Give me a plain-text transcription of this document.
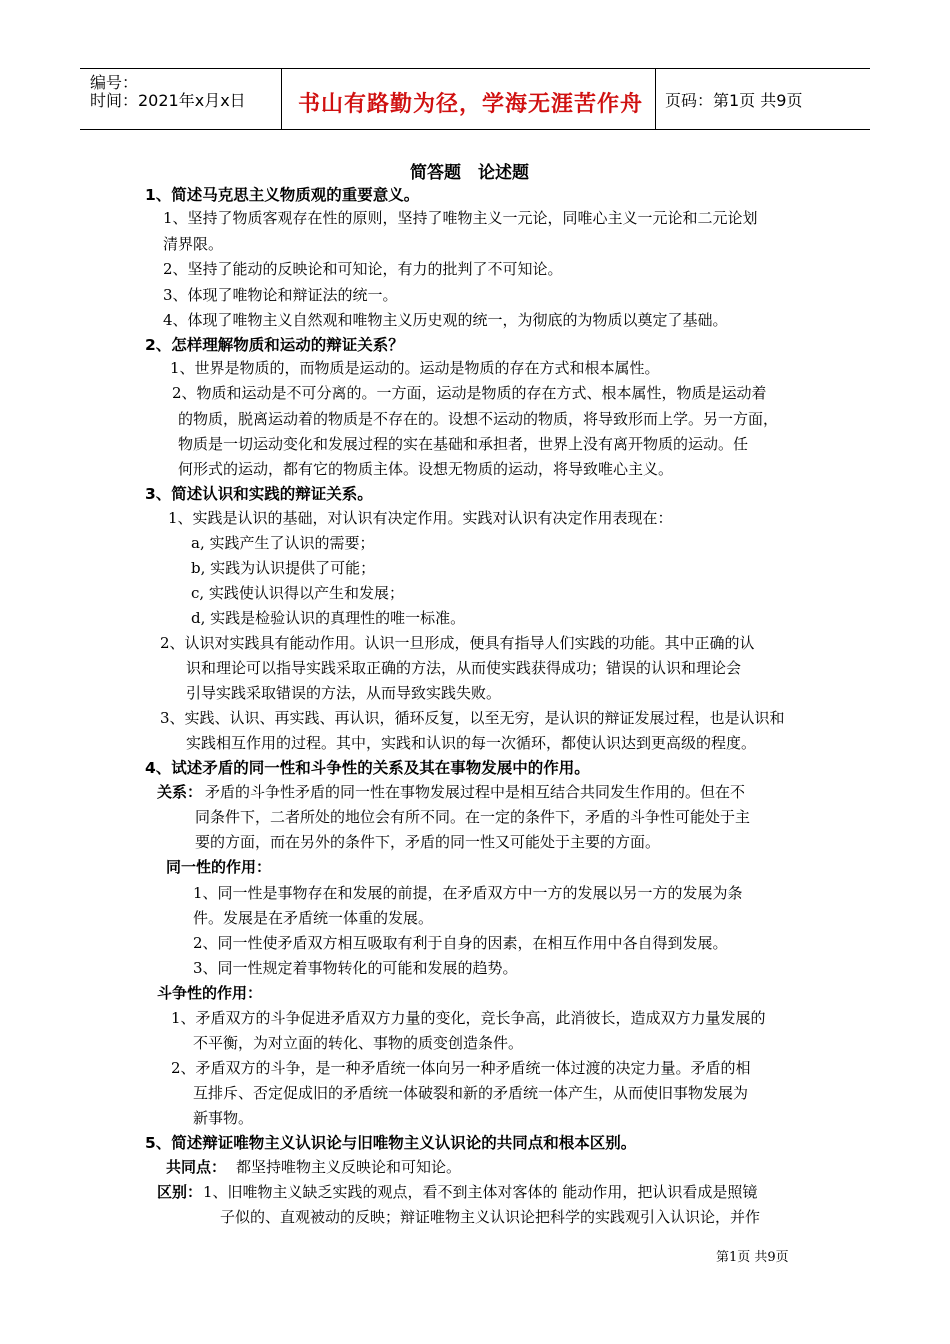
编号：
时间：2021年x月x日 书山有路勤为径，学海无涯苦作舟 页码：第1页 共9页
简答题　论述题
1、简述马克思主义物质观的重要意义。
1、坚持了物质客观存在性的原则，坚持了唯物主义一元论，同唯心主义一元论和二元论划
清界限。
2、坚持了能动的反映论和可知论，有力的批判了不可知论。
3、体现了唯物论和辩证法的统一。
4、体现了唯物主义自然观和唯物主义历史观的统一，为彻底的为物质以奠定了基础。
2、怎样理解物质和运动的辩证关系？
1、世界是物质的，而物质是运动的。运动是物质的存在方式和根本属性。
2、物质和运动是不可分离的。一方面，运动是物质的存在方式、根本属性，物质是运动着
的物质，脱离运动着的物质是不存在的。设想不运动的物质，将导致形而上学。另一方面，
物质是一切运动变化和发展过程的实在基础和承担者，世界上没有离开物质的运动。任
何形式的运动，都有它的物质主体。设想无物质的运动，将导致唯心主义。
3、简述认识和实践的辩证关系。
1、实践是认识的基础，对认识有决定作用。实践对认识有决定作用表现在：
a, 实践产生了认识的需要；
b, 实践为认识提供了可能；
c, 实践使认识得以产生和发展；
d, 实践是检验认识的真理性的唯一标准。
2、认识对实践具有能动作用。认识一旦形成，便具有指导人们实践的功能。其中正确的认
识和理论可以指导实践采取正确的方法，从而使实践获得成功；错误的认识和理论会
引导实践采取错误的方法，从而导致实践失败。
3、实践、认识、再实践、再认识，循环反复，以至无穷，是认识的辩证发展过程，也是认识和
实践相互作用的过程。其中，实践和认识的每一次循环，都使认识达到更高级的程度。
4、试述矛盾的同一性和斗争性的关系及其在事物发展中的作用。
关系： 矛盾的斗争性矛盾的同一性在事物发展过程中是相互结合共同发生作用的。但在不
同条件下，二者所处的地位会有所不同。在一定的条件下，矛盾的斗争性可能处于主
要的方面，而在另外的条件下，矛盾的同一性又可能处于主要的方面。
同一性的作用：
1、同一性是事物存在和发展的前提，在矛盾双方中一方的发展以另一方的发展为条
件。发展是在矛盾统一体重的发展。
2、同一性使矛盾双方相互吸取有利于自身的因素，在相互作用中各自得到发展。
3、同一性规定着事物转化的可能和发展的趋势。
斗争性的作用：
1、矛盾双方的斗争促进矛盾双方力量的变化，竞长争高，此消彼长，造成双方力量发展的
不平衡，为对立面的转化、事物的质变创造条件。
2、矛盾双方的斗争，是一种矛盾统一体向另一种矛盾统一体过渡的决定力量。矛盾的相
互排斥、否定促成旧的矛盾统一体破裂和新的矛盾统一体产生，从而使旧事物发展为
新事物。
5、简述辩证唯物主义认识论与旧唯物主义认识论的共同点和根本区别。
共同点： 都坚持唯物主义反映论和可知论。
区别： 1、旧唯物主义缺乏实践的观点，看不到主体对客体的 能动作用，把认识看成是照镜
子似的、直观被动的反映；辩证唯物主义认识论把科学的实践观引入认识论，并作
第1页 共9页
